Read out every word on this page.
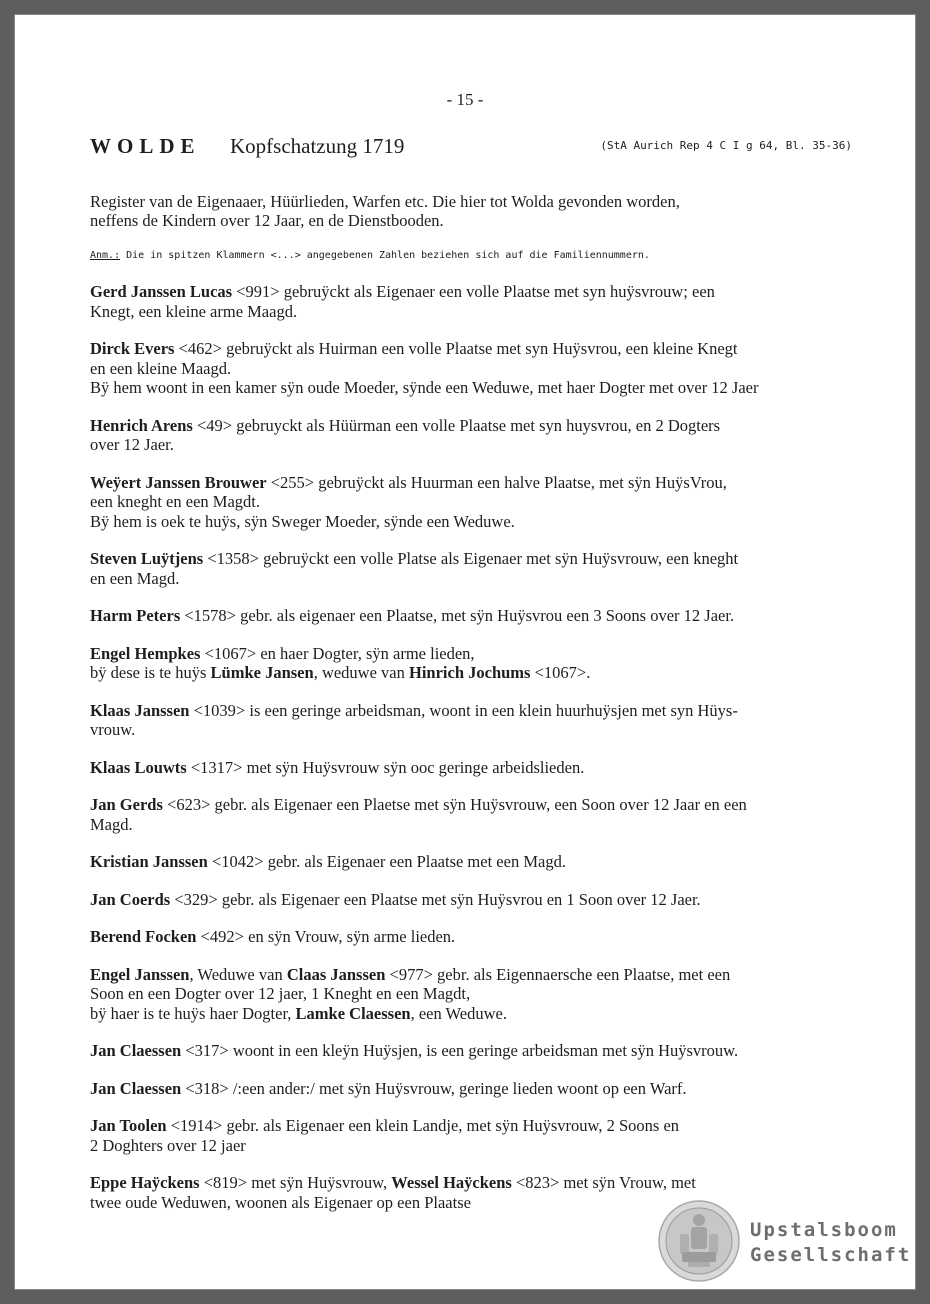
- 15 -
WOLDE Kopfschatzung 1719	(StA Aurich Rep 4 C I g 64, Bl. 35-36)
Register van de Eigenaaer, Hüürlieden, Warfen etc. Die hier tot Wolda gevonden worden,
neffens de Kindern over 12 Jaar, en de Dienstbooden.
Anm.: Die in spitzen Klammern <...> angegebenen Zahlen beziehen sich auf die Familiennummern.
Gerd Janssen Lucas <991> gebruÿckt als Eigenaer een volle Plaatse met syn huÿsvrouw; een
Knegt, een kleine arme Maagd.
Dirck Evers <462> gebruÿckt als Huirman een volle Plaatse met syn Huÿsvrou, een kleine Knegt
en een kleine Maagd.
Bÿ hem woont in een kamer sÿn oude Moeder, sÿnde een Weduwe, met haer Dogter met over 12 Jaer
Henrich Arens <49> gebruyckt als Hüürman een volle Plaatse met syn huysvrou, en 2 Dogters
over 12 Jaer.
Weÿert Janssen Brouwer <255> gebruÿckt als Huurman een halve Plaatse, met sÿn HuÿsVrou,
een kneght en een Magdt.
Bÿ hem is oek te huÿs, sÿn Sweger Moeder, sÿnde een Weduwe.
Steven Luÿtjens <1358> gebruÿckt een volle Platse als Eigenaer met sÿn Huÿsvrouw, een kneght
en een Magd.
Harm Peters <1578> gebr. als eigenaer een Plaatse, met sÿn Huÿsvrou een 3 Soons over 12 Jaer.
Engel Hempkes <1067> en haer Dogter, sÿn arme lieden,
bÿ dese is te huÿs Lümke Jansen, weduwe van Hinrich Jochums <1067>.
Klaas Janssen <1039> is een geringe arbeidsman, woont in een klein huurhuÿsjen met syn Hüys-
vrouw.
Klaas Louwts <1317> met sÿn Huÿsvrouw sÿn ooc geringe arbeidslieden.
Jan Gerds <623> gebr. als Eigenaer een Plaetse met sÿn Huÿsvrouw, een Soon over 12 Jaar en een
Magd.
Kristian Janssen <1042> gebr. als Eigenaer een Plaatse met een Magd.
Jan Coerds <329> gebr. als Eigenaer een Plaatse met sÿn Huÿsvrou en 1 Soon over 12 Jaer.
Berend Focken <492> en sÿn Vrouw, sÿn arme lieden.
Engel Janssen, Weduwe van Claas Janssen <977> gebr. als Eigennaersche een Plaatse, met een
Soon en een Dogter over 12 jaer, 1 Kneght en een Magdt,
bÿ haer is te huÿs haer Dogter, Lamke Claessen, een Weduwe.
Jan Claessen <317> woont in een kleÿn Huÿsjen, is een geringe arbeidsman met sÿn Huÿsvrouw.
Jan Claessen <318> /:een ander:/ met sÿn Huÿsvrouw, geringe lieden woont op een Warf.
Jan Toolen <1914> gebr. als Eigenaer een klein Landje, met sÿn Huÿsvrouw, 2 Soons en
2 Doghters over 12 jaer
Eppe Haÿckens <819> met sÿn Huÿsvrouw, Wessel Haÿckens <823> met sÿn Vrouw, met
twee oude Weduwen, woonen als Eigenaer op een Plaatse
Upstalsboom
Gesellschaft
